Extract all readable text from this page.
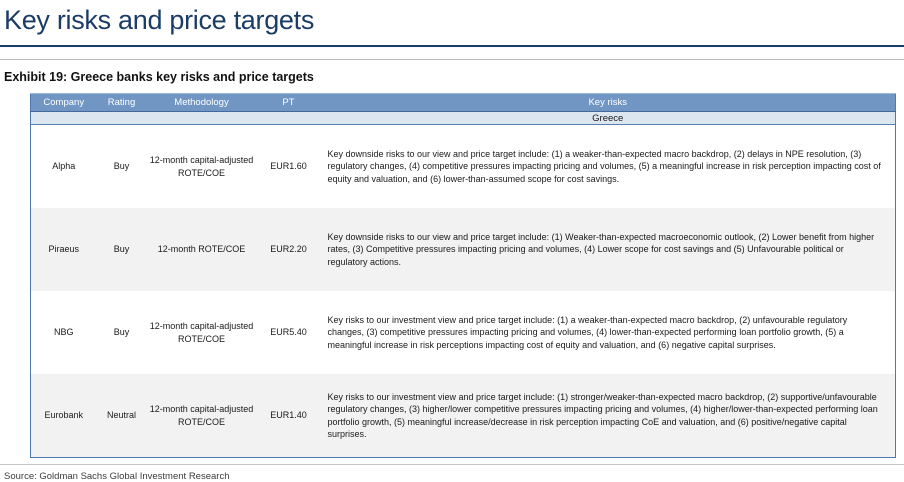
Key risks and price targets
Exhibit 19: Greece banks key risks and price targets
Company	Rating	Methodology	PT	Key risks
				Greece
Alpha	Buy	12-month capital-adjusted ROTE/COE	EUR1.60	Key downside risks to our view and price target include: (1) a weaker-than-expected macro backdrop, (2) delays in NPE resolution, (3) regulatory changes, (4) competitive pressures impacting pricing and volumes, (5) a meaningful increase in risk perception impacting cost of equity and valuation, and (6) lower-than-assumed scope for cost savings.
Piraeus	Buy	12-month ROTE/COE	EUR2.20	Key downside risks to our view and price target include: (1) Weaker-than-expected macroeconomic outlook, (2) Lower benefit from higher rates, (3) Competitive pressures impacting pricing and volumes, (4) Lower scope for cost savings and (5) Unfavourable political or regulatory actions.
NBG	Buy	12-month capital-adjusted ROTE/COE	EUR5.40	Key risks to our investment view and price target include: (1) a weaker-than-expected macro backdrop, (2) unfavourable regulatory changes, (3) competitive pressures impacting pricing and volumes, (4) lower-than-expected performing loan portfolio growth, (5) a meaningful increase in risk perceptions impacting cost of equity and valuation, and (6) negative capital surprises.
Eurobank	Neutral	12-month capital-adjusted ROTE/COE	EUR1.40	Key risks to our investment view and price target include: (1) stronger/weaker-than-expected macro backdrop, (2) supportive/unfavourable regulatory changes, (3) higher/lower competitive pressures impacting pricing and volumes, (4) higher/lower-than-expected performing loan portfolio growth, (5) meaningful increase/decrease in risk perception impacting CoE and valuation, and (6) positive/negative capital surprises.
Source: Goldman Sachs Global Investment Research
